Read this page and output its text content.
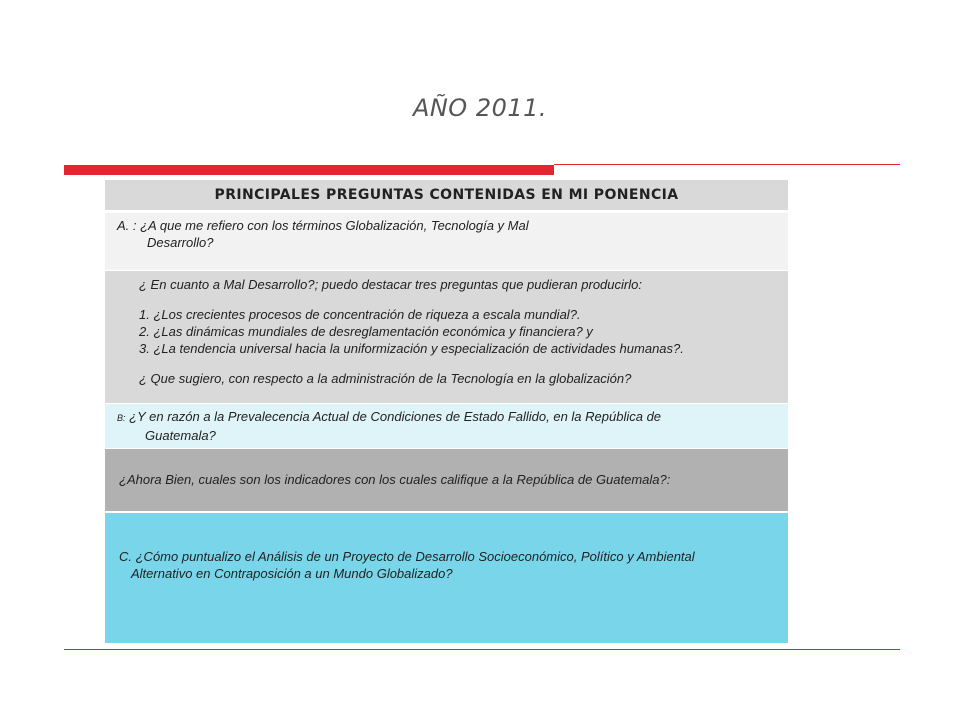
AÑO 2011.
PRINCIPALES PREGUNTAS CONTENIDAS EN MI PONENCIA
A. : ¿A que me refiero con los términos Globalización, Tecnología y Mal
Desarrollo?
¿ En cuanto a Mal Desarrollo?; puedo destacar tres preguntas que pudieran producirlo:
1. ¿Los crecientes procesos de concentración de riqueza a escala mundial?.
2. ¿Las dinámicas mundiales de desreglamentación económica y financiera? y
3. ¿La tendencia universal hacia la uniformización y especialización de actividades humanas?.
¿ Que sugiero, con respecto a la administración de la Tecnología en la globalización?
B: ¿Y en razón a la Prevalecencia Actual de Condiciones de Estado Fallido, en la República de
Guatemala?
¿Ahora Bien, cuales son los indicadores con los cuales califique a la República de Guatemala?:
C. ¿Cómo puntualizo el Análisis de un Proyecto de Desarrollo Socioeconómico, Político y Ambiental
Alternativo en Contraposición a un Mundo Globalizado?
